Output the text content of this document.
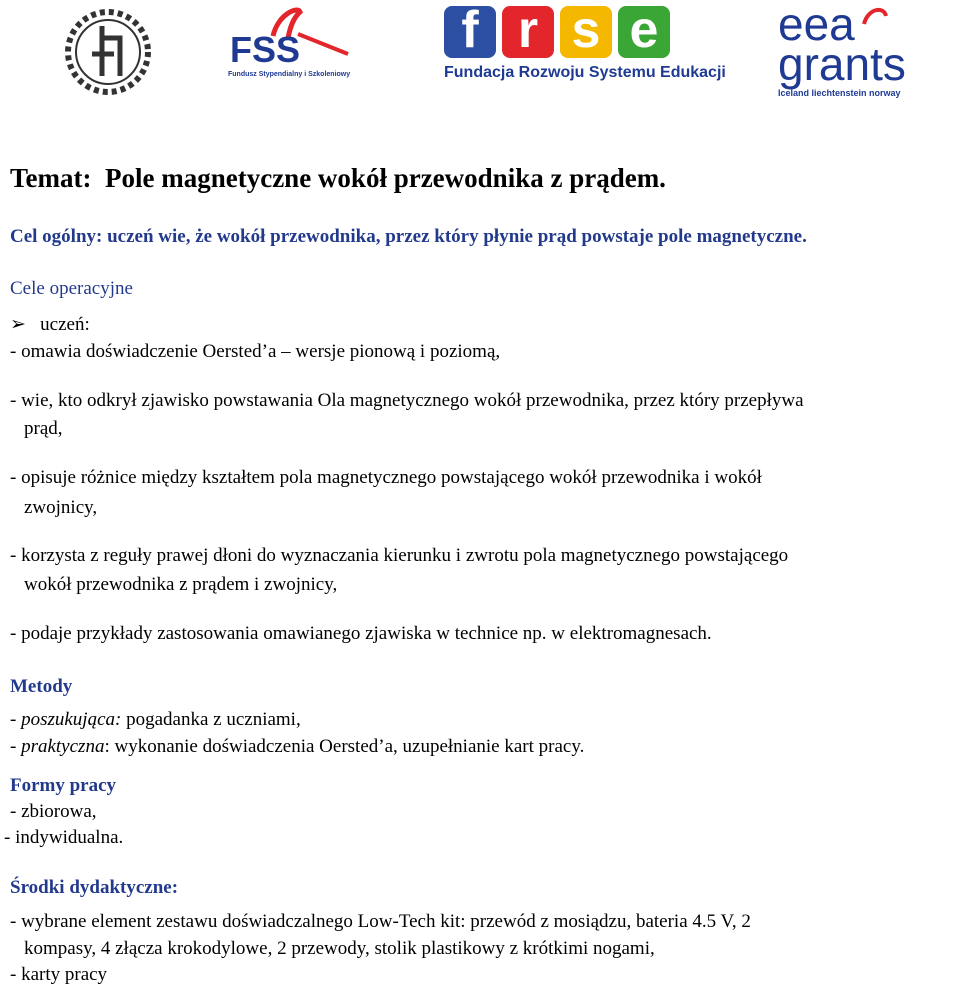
FSS
Fundusz Stypendialny i Szkoleniowy
f r s e
Fundacja Rozwoju Systemu Edukacji
eea
grants
Iceland liechtenstein norway
Temat: Pole magnetyczne wokół przewodnika z prądem.
Cel ogólny: uczeń wie, że wokół przewodnika, przez który płynie prąd powstaje pole magnetyczne.
Cele operacyjne
➢ uczeń:
- omawia doświadczenie Oersted’a – wersje pionową i poziomą,
- wie, kto odkrył zjawisko powstawania Ola magnetycznego wokół przewodnika, przez który przepływa
prąd,
- opisuje różnice między kształtem pola magnetycznego powstającego wokół przewodnika i wokół
zwojnicy,
- korzysta z reguły prawej dłoni do wyznaczania kierunku i zwrotu pola magnetycznego powstającego
wokół przewodnika z prądem i zwojnicy,
- podaje przykłady zastosowania omawianego zjawiska w technice np. w elektromagnesach.
Metody
- poszukująca: pogadanka z uczniami,
- praktyczna: wykonanie doświadczenia Oersted’a, uzupełnianie kart pracy.
Formy pracy
- zbiorowa,
- indywidualna.
Środki dydaktyczne:
- wybrane element zestawu doświadczalnego Low-Tech kit: przewód z mosiądzu, bateria 4.5 V, 2
kompasy, 4 złącza krokodylowe, 2 przewody, stolik plastikowy z krótkimi nogami,
- karty pracy
